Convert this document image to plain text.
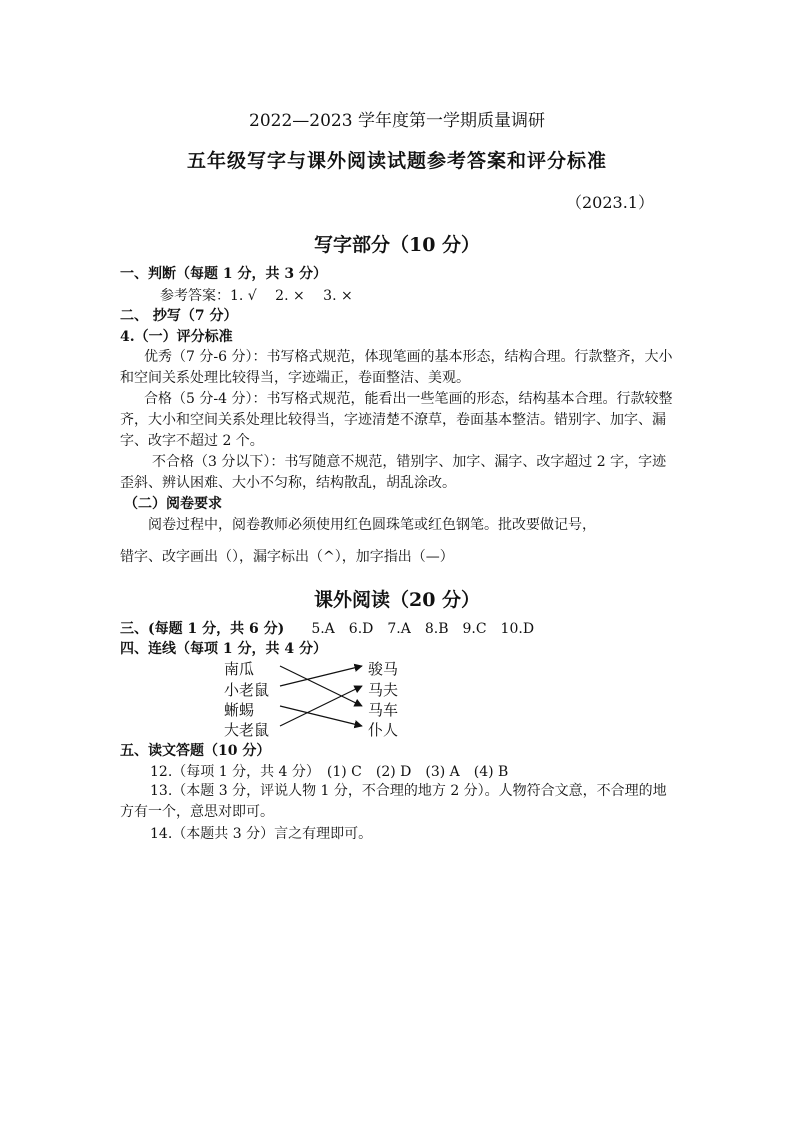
2022—2023 学年度第一学期质量调研
五年级写字与课外阅读试题参考答案和评分标准
（2023.1）
写字部分（10 分）
一、判断（每题 1 分，共 3 分）
参考答案：1. √　 2. ×　 3. ×
二、 抄写（7 分）
4.（一）评分标准
优秀（7 分-6 分）：书写格式规范，体现笔画的基本形态，结构合理。行款整齐，大小和空间关系处理比较得当，字迹端正，卷面整洁、美观。
合格（5 分-4 分）：书写格式规范，能看出一些笔画的形态，结构基本合理。行款较整齐，大小和空间关系处理比较得当，字迹清楚不潦草，卷面基本整洁。错别字、加字、漏字、改字不超过 2 个。
不合格（3 分以下）：书写随意不规范，错别字、加字、漏字、改字超过 2 字，字迹歪斜、辨认困难、大小不匀称，结构散乱，胡乱涂改。
（二）阅卷要求
阅卷过程中，阅卷教师必须使用红色圆珠笔或红色钢笔。批改要做记号，
错字、改字画出（），漏字标出（^），加字指出（—）
课外阅读（20 分）
三、(每题 1 分，共 6 分) 5.A　6.D　7.A　8.B　9.C　10.D
四、连线（每项 1 分，共 4 分）
南瓜
小老鼠
蜥蜴
大老鼠
骏马
马夫
马车
仆人
五、读文答题（10 分）
12.（每项 1 分，共 4 分）　(1) C　(2) D　(3) A　(4) B
13.（本题 3 分，评说人物 1 分，不合理的地方 2 分）。人物符合文意，不合理的地方有一个，意思对即可。
14.（本题共 3 分）言之有理即可。
